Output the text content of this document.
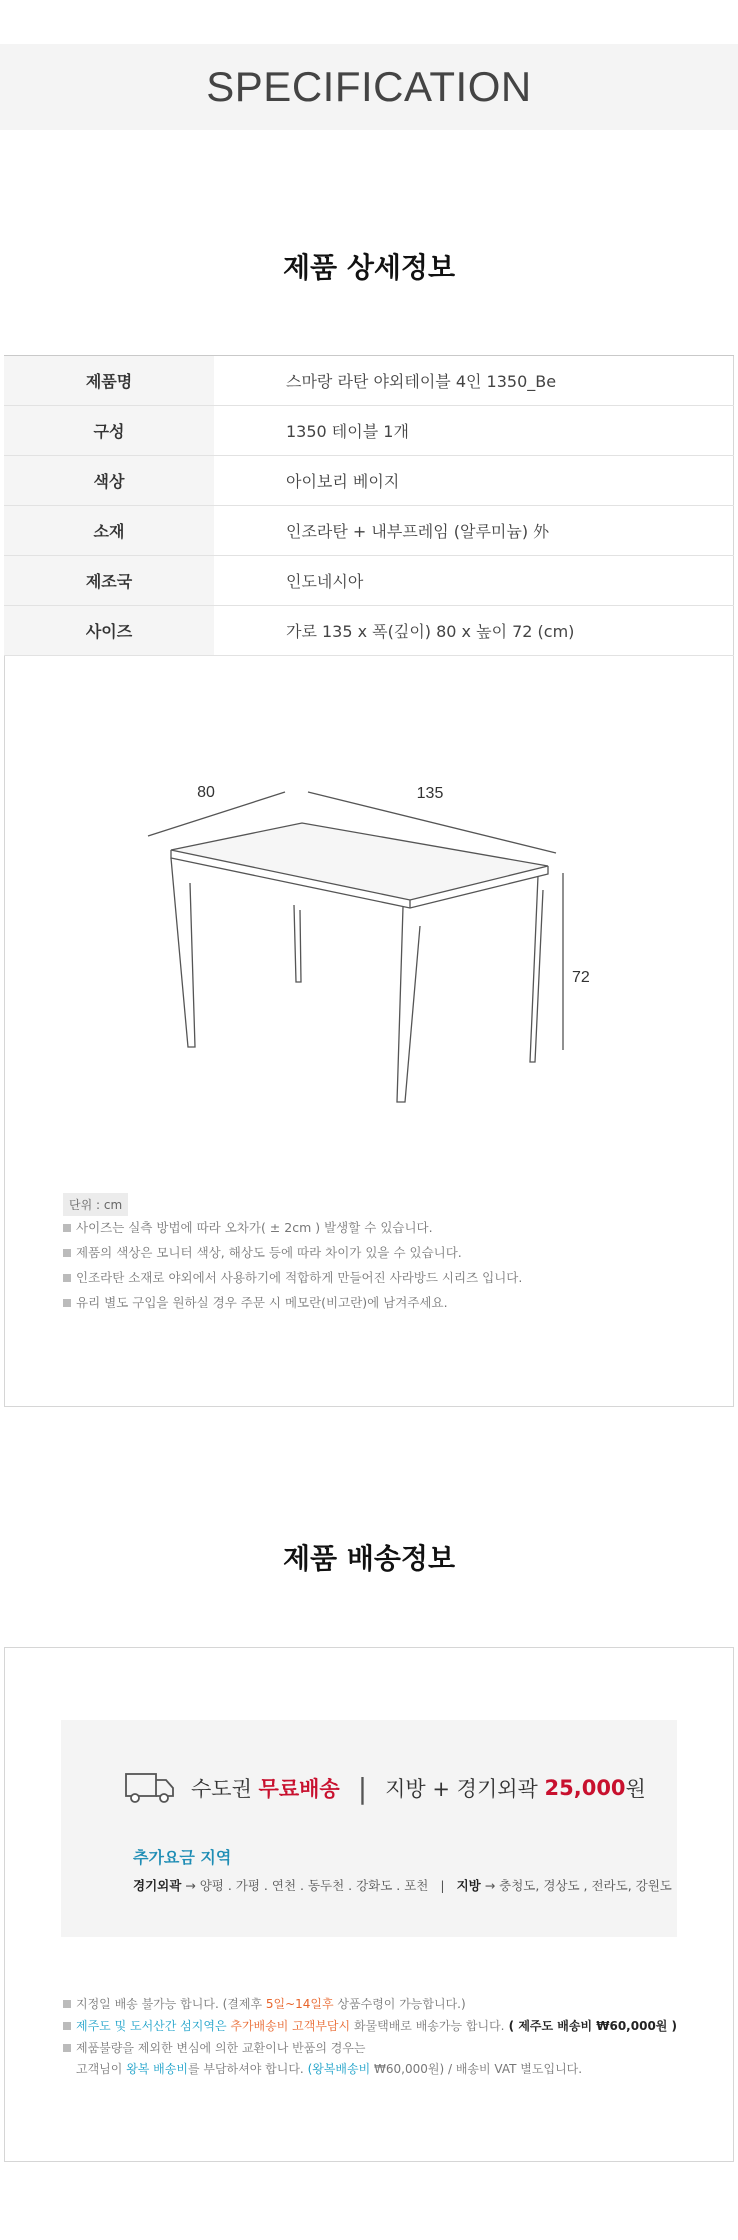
SPECIFICATION
제품 상세정보
제품명	스마랑 라탄 야외테이블 4인 1350_Be
구성	1350 테이블 1개
색상	아이보리 베이지
소재	인조라탄 + 내부프레임 (알루미늄) 外
제조국	인도네시아
사이즈	가로 135 x 폭(깊이) 80 x 높이 72 (cm)
80	135
72
단위 : cm
사이즈는 실측 방법에 따라 오차가( ± 2cm ) 발생할 수 있습니다.
제품의 색상은 모니터 색상, 해상도 등에 따라 차이가 있을 수 있습니다.
인조라탄 소재로 야외에서 사용하기에 적합하게 만들어진 사라방드 시리즈 입니다.
유리 별도 구입을 원하실 경우 주문 시 메모란(비고란)에 남겨주세요.
제품 배송정보
수도권
무료배송 | 지방 + 경기외곽
25,000 원
추가요금 지역
경기외곽 → 양평 . 가평 . 연천 . 동두천 . 강화도 . 포천 | 지방 → 충청도, 경상도 , 전라도, 강원도
지정일 배송 불가능 합니다. (결제후 5일~14일후 상품수령이 가능합니다.)
제주도 및 도서산간 섬지역은 추가배송비 고객부담시 화물택배로 배송가능 합니다. ( 제주도 배송비 ₩60,000원 )
제품불량을 제외한 변심에 의한 교환이나 반품의 경우는
고객님이 왕복 배송비를 부담하셔야 합니다. (왕복배송비 ₩60,000원) / 배송비 VAT 별도입니다.
